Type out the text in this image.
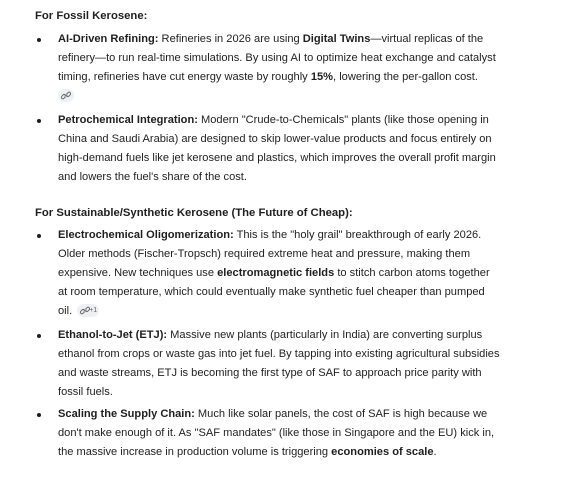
For Fossil Kerosene:
AI-Driven Refining: Refineries in 2026 are using Digital Twins—virtual replicas of the
refinery—to run real-time simulations. By using AI to optimize heat exchange and catalyst
timing, refineries have cut energy waste by roughly 15%, lowering the per-gallon cost.
Petrochemical Integration: Modern "Crude-to-Chemicals" plants (like those opening in
China and Saudi Arabia) are designed to skip lower-value products and focus entirely on
high-demand fuels like jet kerosene and plastics, which improves the overall profit margin
and lowers the fuel's share of the cost.
For Sustainable/Synthetic Kerosene (The Future of Cheap):
Electrochemical Oligomerization: This is the "holy grail" breakthrough of early 2026.
Older methods (Fischer-Tropsch) required extreme heat and pressure, making them
expensive. New techniques use electromagnetic fields to stitch carbon atoms together
at room temperature, which could eventually make synthetic fuel cheaper than pumped
oil. +1
Ethanol-to-Jet (ETJ): Massive new plants (particularly in India) are converting surplus
ethanol from crops or waste gas into jet fuel. By tapping into existing agricultural subsidies
and waste streams, ETJ is becoming the first type of SAF to approach price parity with
fossil fuels.
Scaling the Supply Chain: Much like solar panels, the cost of SAF is high because we
don't make enough of it. As "SAF mandates" (like those in Singapore and the EU) kick in,
the massive increase in production volume is triggering economies of scale.
